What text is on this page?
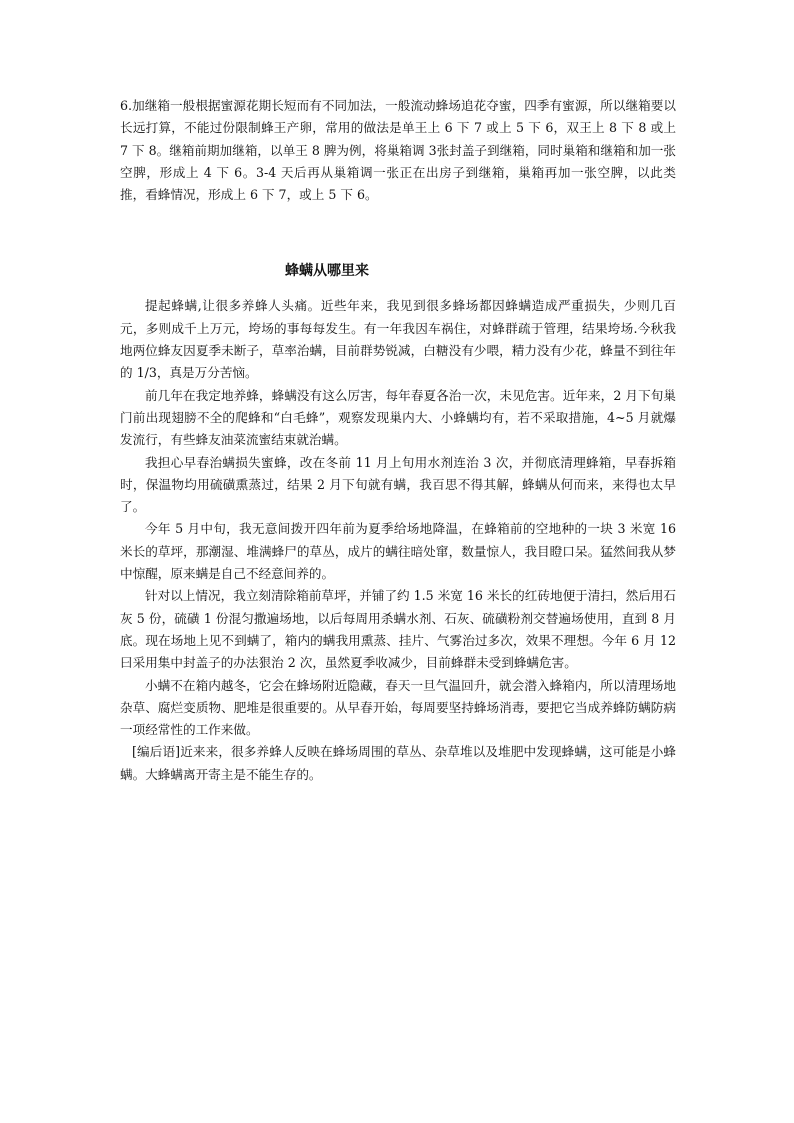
6.加继箱一般根据蜜源花期长短而有不同加法，一般流动蜂场追花夺蜜，四季有蜜源，所以继箱要以长远打算，不能过份限制蜂王产卵，常用的做法是单王上 6 下 7 或上 5 下 6，双王上 8 下 8 或上 7 下 8。继箱前期加继箱，以单王 8 脾为例，将巢箱调 3张封盖子到继箱，同时巢箱和继箱和加一张空脾，形成上 4 下 6。3-4 天后再从巢箱调一张正在出房子到继箱，巢箱再加一张空脾，以此类推，看蜂情况，形成上 6 下 7，或上 5 下 6。

蜂螨从哪里来

提起蜂螨,让很多养蜂人头痛。近些年来，我见到很多蜂场都因蜂螨造成严重损失，少则几百元，多则成千上万元，垮场的事每每发生。有一年我因车祸住，对蜂群疏于管理，结果垮场.今秋我地两位蜂友因夏季未断子，草率治螨，目前群势锐减，白糖没有少喂，精力没有少花，蜂量不到往年的 1/3，真是万分苦恼。

前几年在我定地养蜂，蜂螨没有这么厉害，每年春夏各治一次，未见危害。近年来，2 月下旬巢门前出现翅膀不全的爬蜂和“白毛蜂”，观察发现巢内大、小蜂螨均有，若不采取措施，4~5 月就爆发流行，有些蜂友油菜流蜜结束就治螨。

我担心早春治螨损失蜜蜂，改在冬前 11 月上旬用水剂连治 3 次，并彻底清理蜂箱，早春拆箱时，保温物均用硫磺熏蒸过，结果 2 月下旬就有螨，我百思不得其解，蜂螨从何而来，来得也太早了。

今年 5 月中旬，我无意间拨开四年前为夏季给场地降温，在蜂箱前的空地种的一块 3 米宽 16 米长的草坪，那潮湿、堆满蜂尸的草丛，成片的螨往暗处窜，数量惊人，我目瞪口呆。猛然间我从梦中惊醒，原来螨是自己不经意间养的。

针对以上情况，我立刻清除箱前草坪，并铺了约 1.5 米宽 16 米长的红砖地便于清扫，然后用石灰 5 份，硫磺 1 份混匀撒遍场地，以后每周用杀螨水剂、石灰、硫磺粉剂交替遍场使用，直到 8 月底。现在场地上见不到螨了，箱内的螨我用熏蒸、挂片、气雾治过多次，效果不理想。今年 6 月 12 曰采用集中封盖子的办法狠治 2 次，虽然夏季收减少，目前蜂群未受到蜂螨危害。

小螨不在箱内越冬，它会在蜂场附近隐藏，春天一旦气温回升，就会潜入蜂箱内，所以清理场地杂草、腐烂变质物、肥堆是很重要的。从早春开始，每周要坚持蜂场消毒，要把它当成养蜂防螨防病一项经常性的工作来做。

[编后语]近来来，很多养蜂人反映在蜂场周围的草丛、杂草堆以及堆肥中发现蜂螨，这可能是小蜂螨。大蜂螨离开寄主是不能生存的。
